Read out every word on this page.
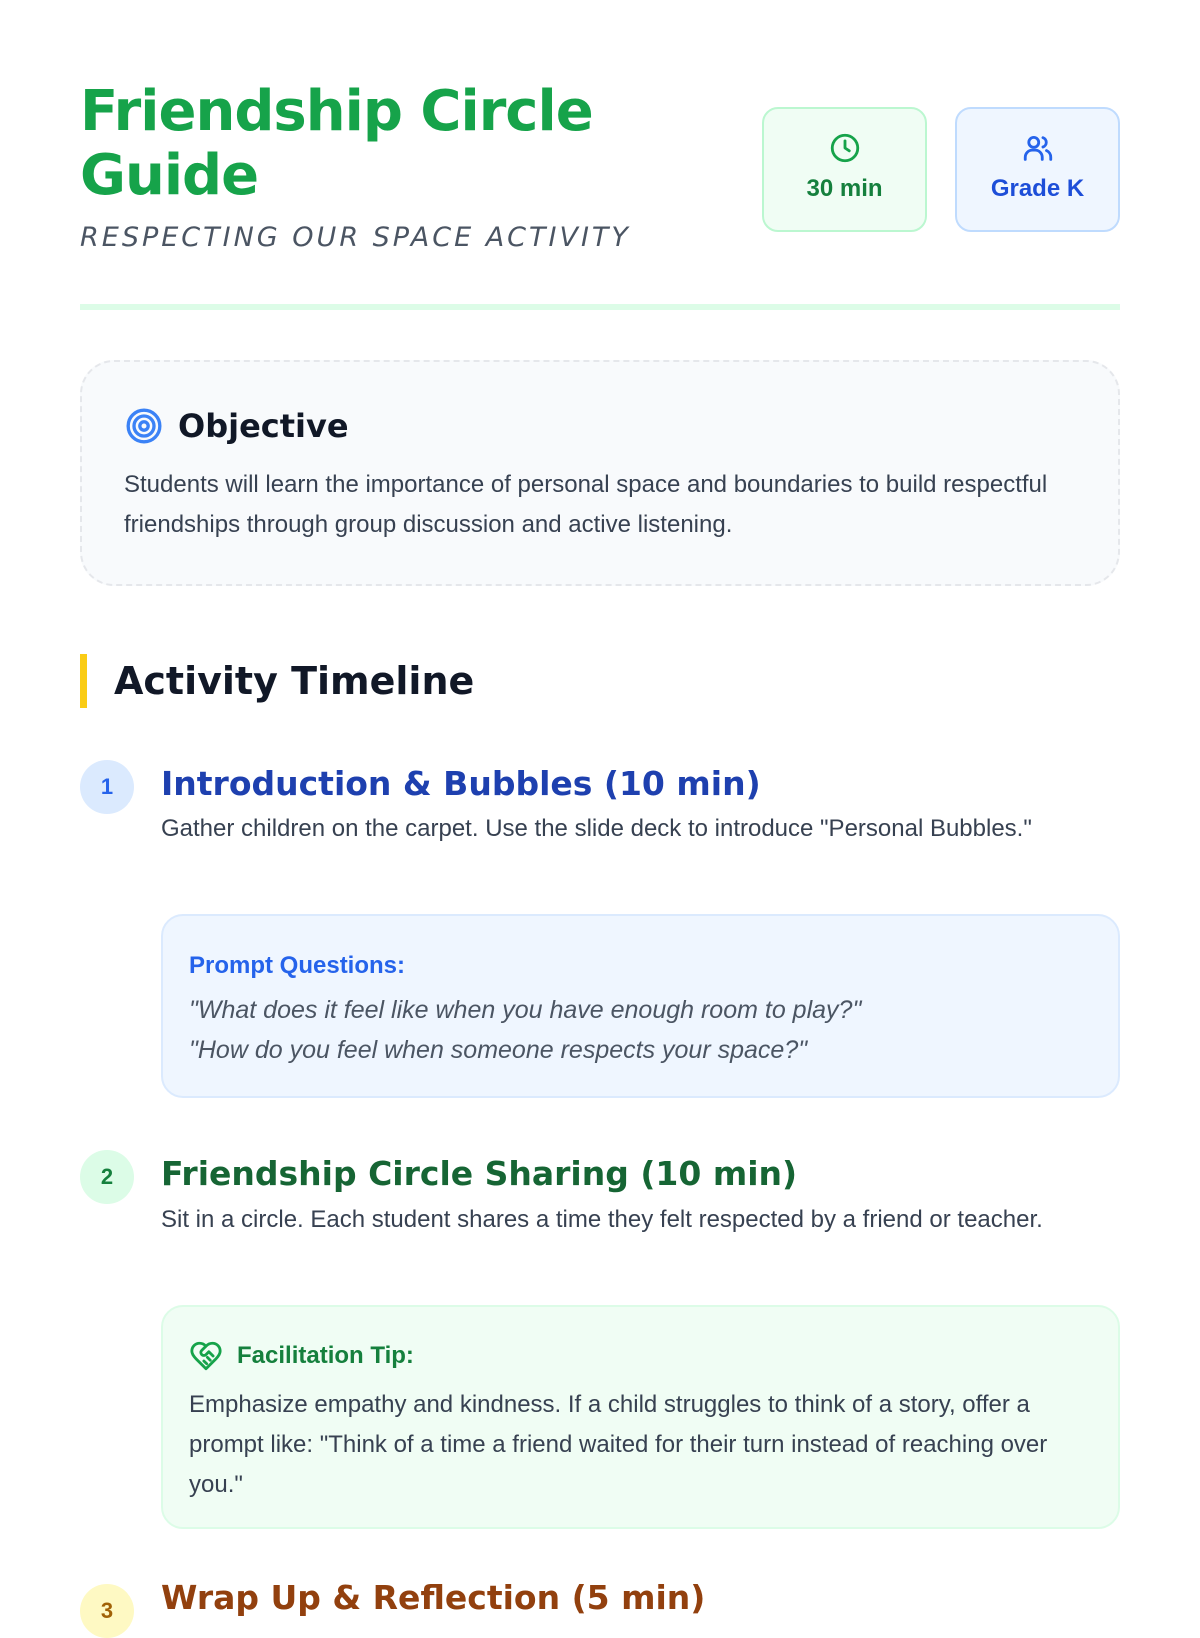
Friendship Circle Guide
RESPECTING OUR SPACE ACTIVITY
30 min	Grade K
Objective

Students will learn the importance of personal space and boundaries to build respectful friendships through group discussion and active listening.

Activity Timeline
1	Introduction & Bubbles (10 min)

Gather children on the carpet. Use the slide deck to introduce "Personal Bubbles."

Prompt Questions:
"What does it feel like when you have enough room to play?"
"How do you feel when someone respects your space?"
2	Friendship Circle Sharing (10 min)

Sit in a circle. Each student shares a time they felt respected by a friend or teacher.

Facilitation Tip:

Emphasize empathy and kindness. If a child struggles to think of a story, offer a prompt like: "Think of a time a friend waited for their turn instead of reaching over you."

3	Wrap Up & Reflection (5 min)
